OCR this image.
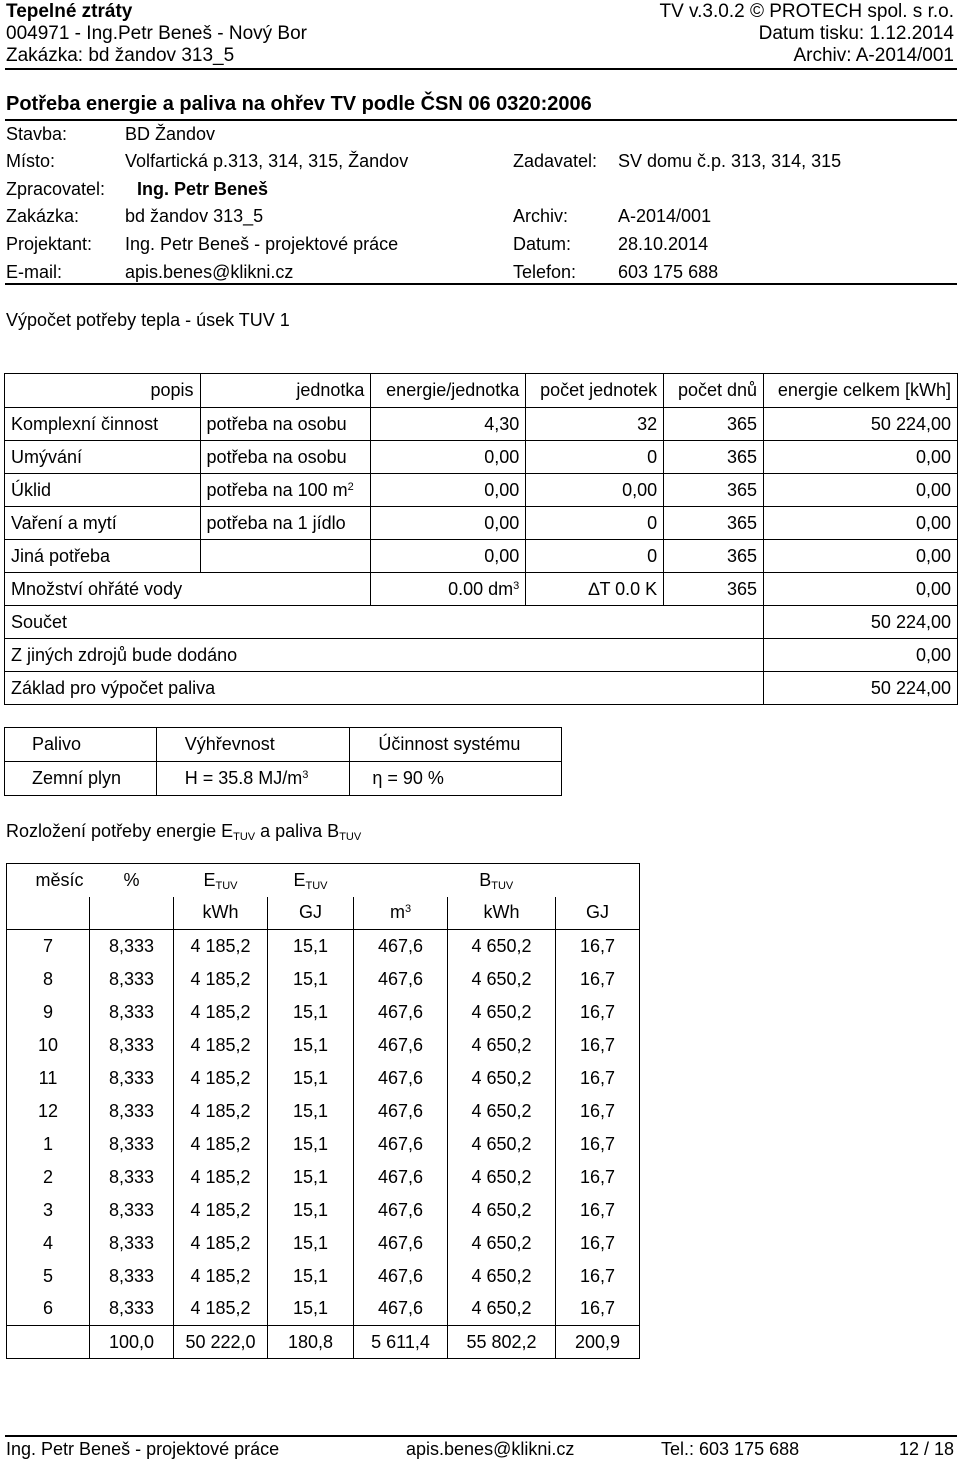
Tepelné ztráty	TV v.3.0.2 © PROTECH spol. s r.o.
004971 - Ing.Petr Beneš - Nový Bor	Datum tisku: 1.12.2014
Zakázka: bd žandov 313_5	Archiv: A-2014/001
Potřeba energie a paliva na ohřev TV podle ČSN 06 0320:2006
Stavba:	BD Žandov
Místo:	Volfartická p.313, 314, 315, Žandov	Zadavatel: SV domu č.p. 313, 314, 315
Zpracovatel: Ing. Petr Beneš
Zakázka:	bd žandov 313_5	Archiv:	A-2014/001
Projektant: Ing. Petr Beneš - projektové práce	Datum:	28.10.2014
E-mail:	apis.benes@klikni.cz	Telefon: 603 175 688
Výpočet potřeby tepla - úsek TUV 1
popis	jednotka	energie/jednotka	počet jednotek	počet dnů	energie celkem [kWh]
Komplexní činnost	potřeba na osobu	4,30	32	365	50 224,00
Umývání	potřeba na osobu	0,00	0	365	0,00
Úklid	potřeba na 100 $m^2$	0,00	0,00	365	0,00
Vaření a mytí	potřeba na 1 jídlo	0,00	0	365	0,00
Jiná potřeba		0,00	0	365	0,00
Množství ohřáté vody		0.00 $dm^3$	∆T 0.0 K	365	0,00
Součet					50 224,00
Z jiných zdrojů bude dodáno					0,00
Základ pro výpočet paliva					50 224,00
Palivo	Výhřevnost	Účinnost systému
Zemní plyn	H = 35.8 $MJ/m^3$	η = 90 %
Rozložení potřeby energie $E_{TUV}$ a paliva $B_{TUV}$
měsíc	%	$E_{TUV}$	$E_{TUV}$	$B_{TUV}$
		kWh	GJ	$m^3$	kWh	GJ
7	8,333	4 185,2	15,1	467,6	4 650,2	16,7
8	8,333	4 185,2	15,1	467,6	4 650,2	16,7
9	8,333	4 185,2	15,1	467,6	4 650,2	16,7
10	8,333	4 185,2	15,1	467,6	4 650,2	16,7
11	8,333	4 185,2	15,1	467,6	4 650,2	16,7
12	8,333	4 185,2	15,1	467,6	4 650,2	16,7
1	8,333	4 185,2	15,1	467,6	4 650,2	16,7
2	8,333	4 185,2	15,1	467,6	4 650,2	16,7
3	8,333	4 185,2	15,1	467,6	4 650,2	16,7
4	8,333	4 185,2	15,1	467,6	4 650,2	16,7
5	8,333	4 185,2	15,1	467,6	4 650,2	16,7
6	8,333	4 185,2	15,1	467,6	4 650,2	16,7
	100,0	50 222,0	180,8	5 611,4	55 802,2	200,9
Ing. Petr Beneš - projektové práce	apis.benes@klikni.cz	Tel.: 603 175 688	12 / 18
